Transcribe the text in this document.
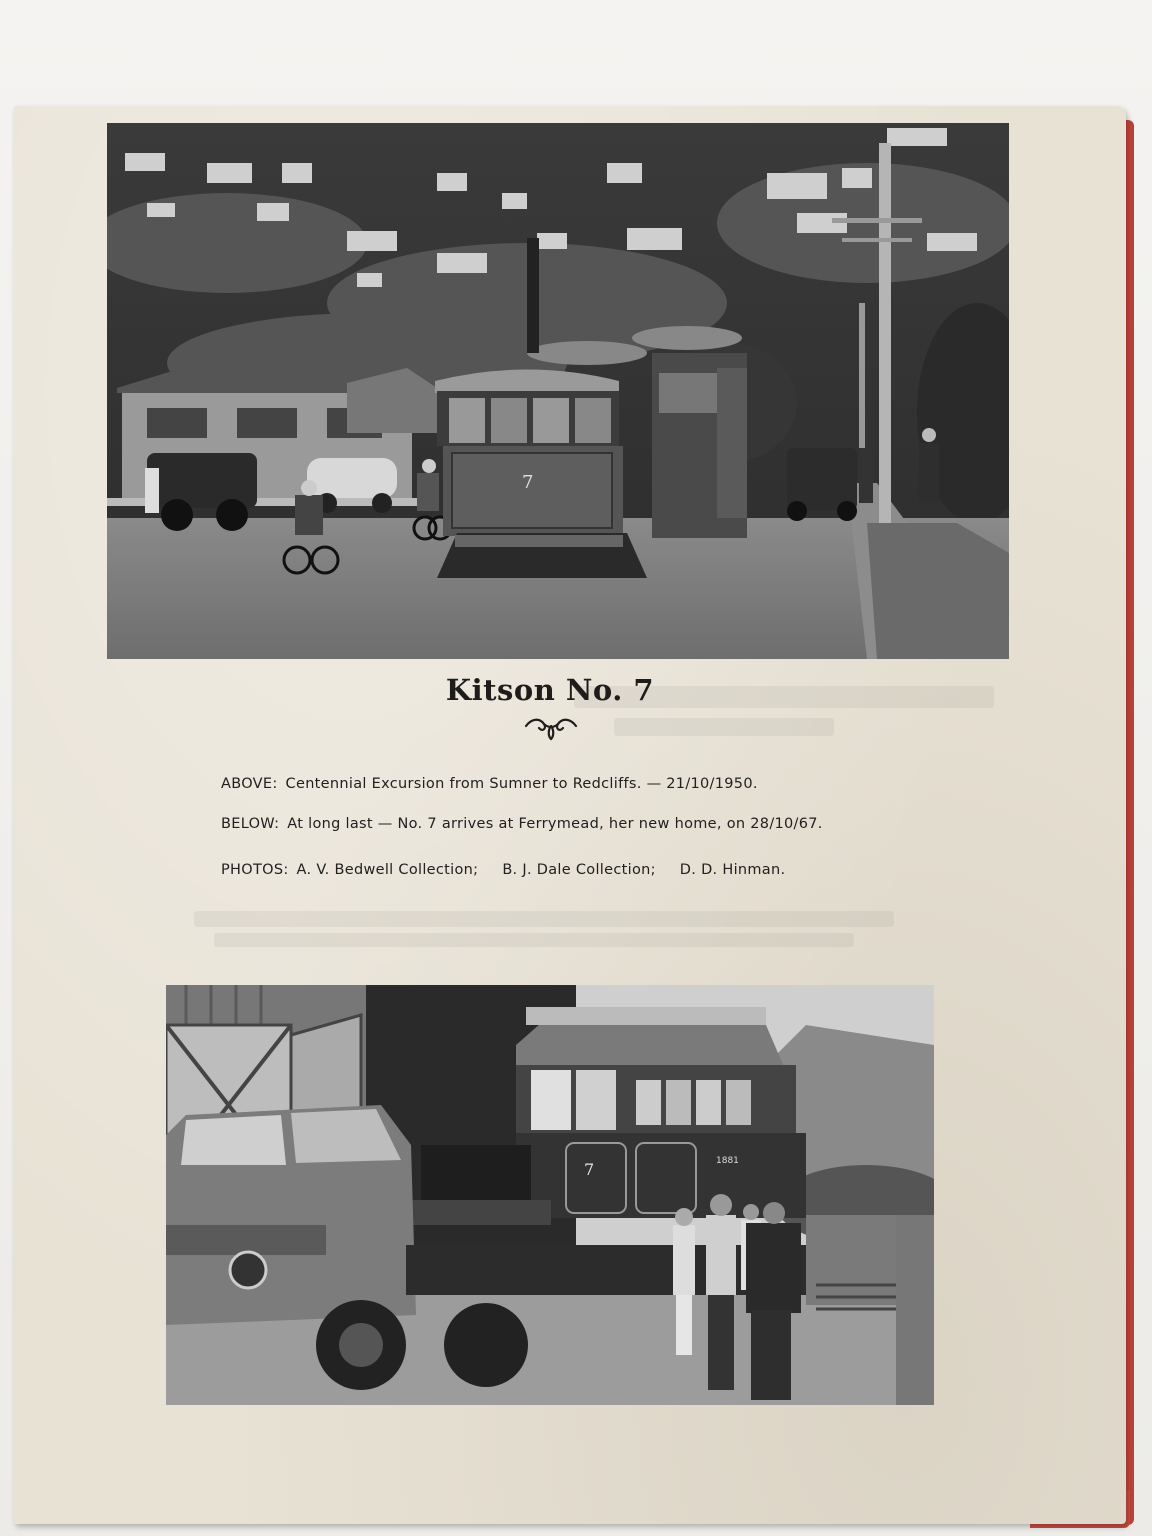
7
Kitson No. 7
ABOVE: Centennial Excursion from Sumner to Redcliffs. — 21/10/1950.
BELOW: At long last — No. 7 arrives at Ferrymead, her new home, on 28/10/67.
PHOTOS: A. V. Bedwell Collection; B. J. Dale Collection; D. D. Hinman.
7	1881
